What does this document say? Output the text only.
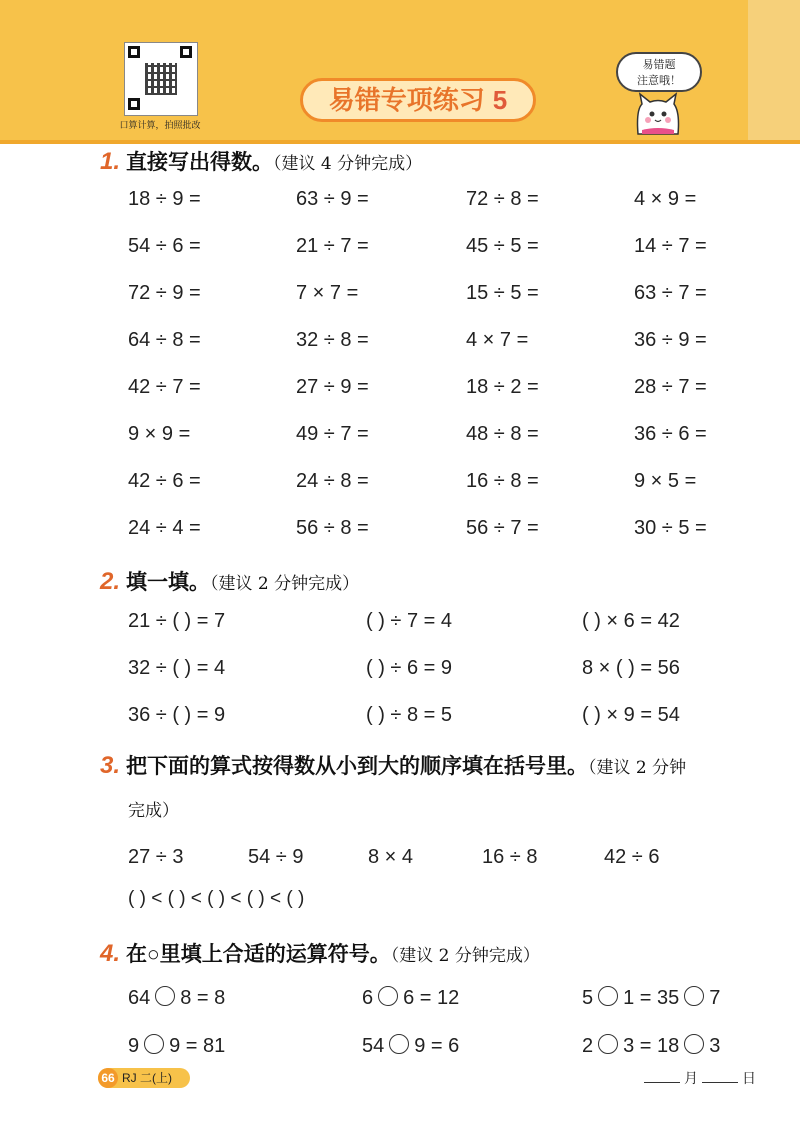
口算计算，拍照批改
易错专项练习 5
易错题
注意哦！
1. 直接写出得数。（建议 4 分钟完成）
18 ÷ 9 =	63 ÷ 9 =	72 ÷ 8 =	4 × 9 =
54 ÷ 6 =	21 ÷ 7 =	45 ÷ 5 =	14 ÷ 7 =
72 ÷ 9 =	7 × 7 =	15 ÷ 5 =	63 ÷ 7 =
64 ÷ 8 =	32 ÷ 8 =	4 × 7 =	36 ÷ 9 =
42 ÷ 7 =	27 ÷ 9 =	18 ÷ 2 =	28 ÷ 7 =
9 × 9 =	49 ÷ 7 =	48 ÷ 8 =	36 ÷ 6 =
42 ÷ 6 =	24 ÷ 8 =	16 ÷ 8 =	9 × 5 =
24 ÷ 4 =	56 ÷ 8 =	56 ÷ 7 =	30 ÷ 5 =
2. 填一填。（建议 2 分钟完成）
21 ÷ ( ) = 7	( ) ÷ 7 = 4	( ) × 6 = 42
32 ÷ ( ) = 4	( ) ÷ 6 = 9	8 × ( ) = 56
36 ÷ ( ) = 9	( ) ÷ 8 = 5	( ) × 9 = 54
3. 把下面的算式按得数从小到大的顺序填在括号里。（建议 2 分钟
完成）
27 ÷ 3	54 ÷ 9	8 × 4	16 ÷ 8	42 ÷ 6
( ) < ( ) < ( ) < ( ) < ( )
4. 在○里填上合适的运算符号。（建议 2 分钟完成）
64 8 = 8	6 6 = 12	5 1 = 35 7
9 9 = 81	54 9 = 6	2 3 = 18 3
66 RJ 二(上)	月	日
